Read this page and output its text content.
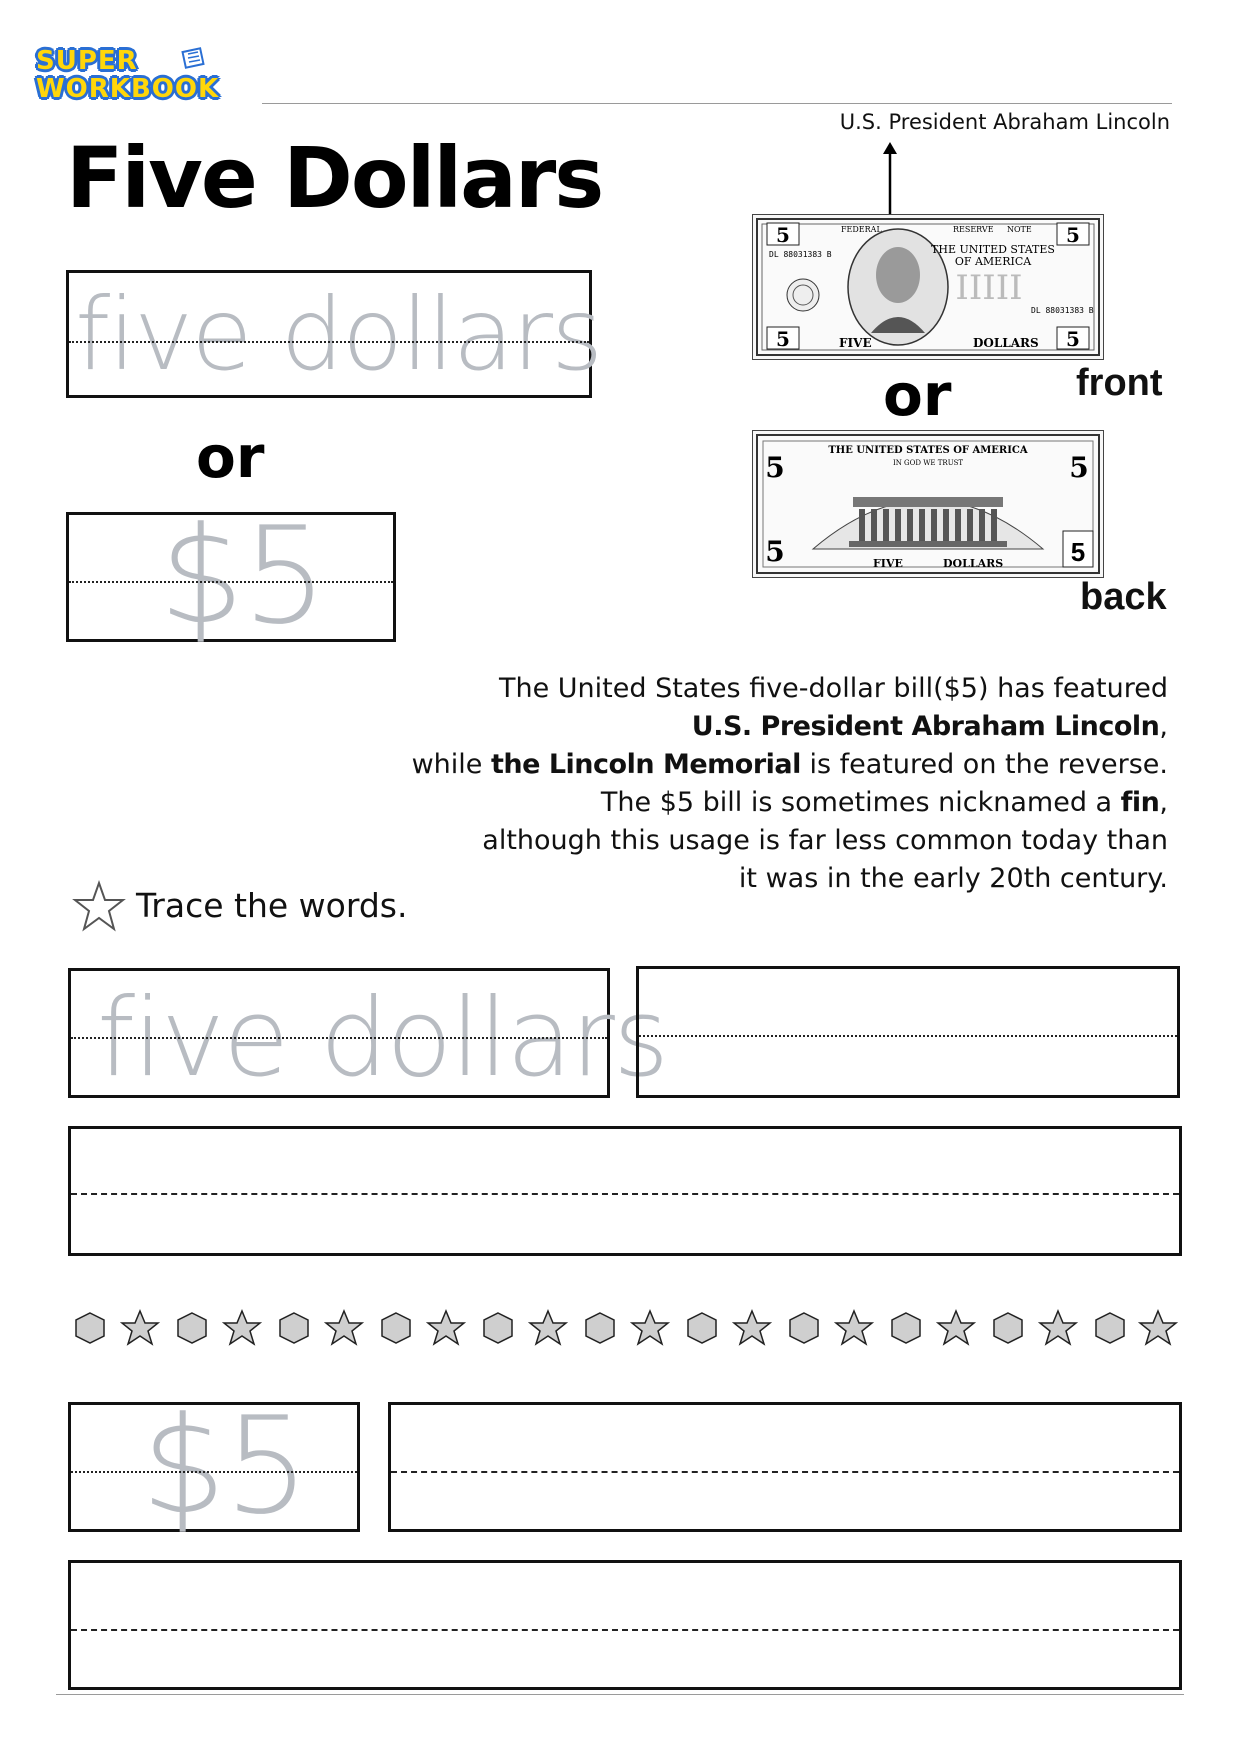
SUPER
WORKBOOK
U.S. President Abraham Lincoln
Five Dollars
five dollars
or
$5
5	5
FEDERAL	RESERVE NOTE
DL 88031383 B	THE UNITED STATES
OF AMERICA
IIIII
DL 88031383 B
5	5
FIVE	DOLLARS
or	front
THE UNITED STATES OF AMERICA
IN GOD WE TRUST
5	5
5	FIVE	DOLLARS	5
back
The United States five-dollar bill($5) has featured
U.S. President Abraham Lincoln,
while the Lincoln Memorial is featured on the reverse.
The $5 bill is sometimes nicknamed a fin,
although this usage is far less common today than
it was in the early 20th century.
Trace the words.
five dollars
$5
